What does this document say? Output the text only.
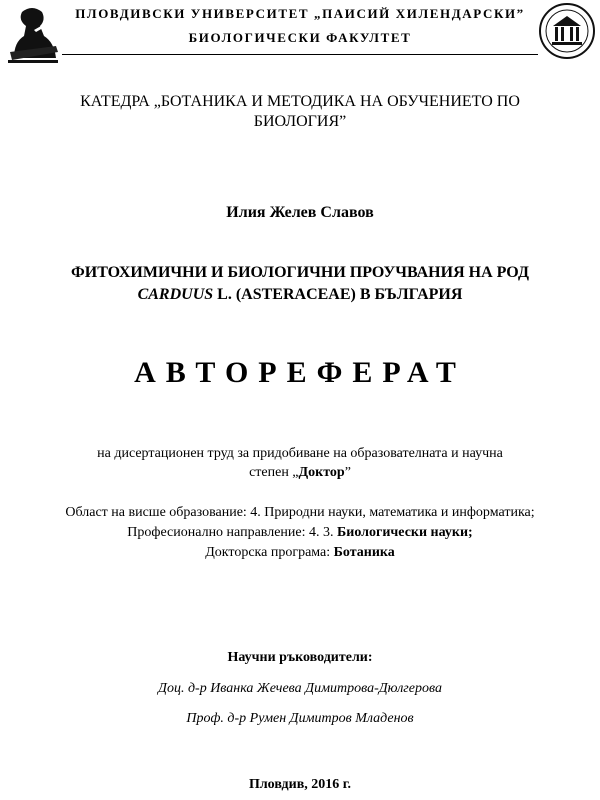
ПЛОВДИВСКИ УНИВЕРСИТЕТ „ПАИСИЙ ХИЛЕНДАРСКИ”
БИОЛОГИЧЕСКИ ФАКУЛТЕТ
КАТЕДРА „БОТАНИКА И МЕТОДИКА НА ОБУЧЕНИЕТО ПО
БИОЛОГИЯ”
Илия Желев Славов
ФИТОХИМИЧНИ И БИОЛОГИЧНИ ПРОУЧВАНИЯ НА РОД
CARDUUS L. (ASTERACEAE) В БЪЛГАРИЯ
АВТОРЕФЕРАТ
на дисертационен труд за придобиване на образователната и научна
степен „Доктор”
Област на висше образование: 4. Природни науки, математика и информатика;
Професионално направление: 4. 3. Биологически науки;
Докторска програма: Ботаника
Научни ръководители:
Доц. д-р Иванка Жечева Димитрова-Дюлгерова
Проф. д-р Румен Димитров Младенов
Пловдив, 2016 г.
